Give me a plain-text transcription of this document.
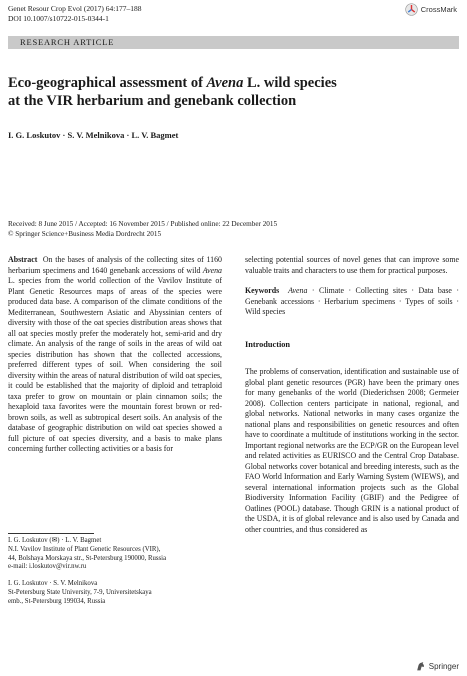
Genet Resour Crop Evol (2017) 64:177–188
DOI 10.1007/s10722-015-0344-1
CrossMark
RESEARCH ARTICLE
Eco-geographical assessment of Avena L. wild species
at the VIR herbarium and genebank collection
I. G. Loskutov · S. V. Melnikova · L. V. Bagmet
Received: 8 June 2015 / Accepted: 16 November 2015 / Published online: 22 December 2015
© Springer Science+Business Media Dordrecht 2015

Abstract On the bases of analysis of the collecting sites of 1160 herbarium specimens and 1640 genebank accessions of wild Avena L. species from the world collection of the Vavilov Institute of Plant Genetic Resources maps of areas of the species were produced data base. A comparison of the climate conditions of the Mediterranean, Southwestern Asiatic and Abyssinian centers of diversity with those of the oat species distribution areas shows that all oat species mostly prefer the moderately hot, semi-arid and dry climate. An analysis of the range of soils in the areas of wild oat species distribution has shown that the collected accessions, preferred different types of soil. When considering the soil diversity within the areas of natural distribution of wild oat species, it could be established that the majority of diploid and tetraploid taxa prefer to grow on mountain or plain cinnamon soils; the hexaploid taxa favorites were the mountain forest brown or red-brown soils, as well as subtropical desert soils. An analysis of the database of geographic distribution on wild oat species showed a full picture of oat species diversity, and a basis to make plans concerning further collecting activities or a basis for

selecting potential sources of novel genes that can improve some valuable traits and characters to use them for practical purposes.

Keywords Avena · Climate · Collecting sites · Data base · Genebank accessions · Herbarium specimens · Types of soils · Wild species

Introduction

The problems of conservation, identification and sustainable use of global plant genetic resources (PGR) have been the primary ones for many genebanks of the world (Diederichsen 2008; Germeier 2008). Collection centers participate in national, regional, and global networks. National networks in many cases organize the national plans and responsibilities on genetic resources and often have to coordinate a multitude of institutions working in the sector. Important regional networks are the ECP/GR on the European level and related activities as EURISCO and the Central Crop Database. Global networks cover botanical and breeding interests, such as the FAO World Information and Early Warning System (WIEWS), and several international information projects such as the Global Biodiversity Information Facility (GBIF) and the Pedigree of Oatlines (POOL) database. Though GRIN is a national product of the USDA, it is of global relevance and is also used by Canada and other countries, and thus considered as

I. G. Loskutov (✉) · L. V. Bagmet
N.I. Vavilov Institute of Plant Genetic Resources (VIR),
44, Bolshaya Morskaya str., St-Petersburg 190000, Russia
e-mail: i.loskutov@vir.nw.ru
I. G. Loskutov · S. V. Melnikova
St-Petersburg State University, 7-9, Universitetskaya
emb., St-Petersburg 199034, Russia
Springer
